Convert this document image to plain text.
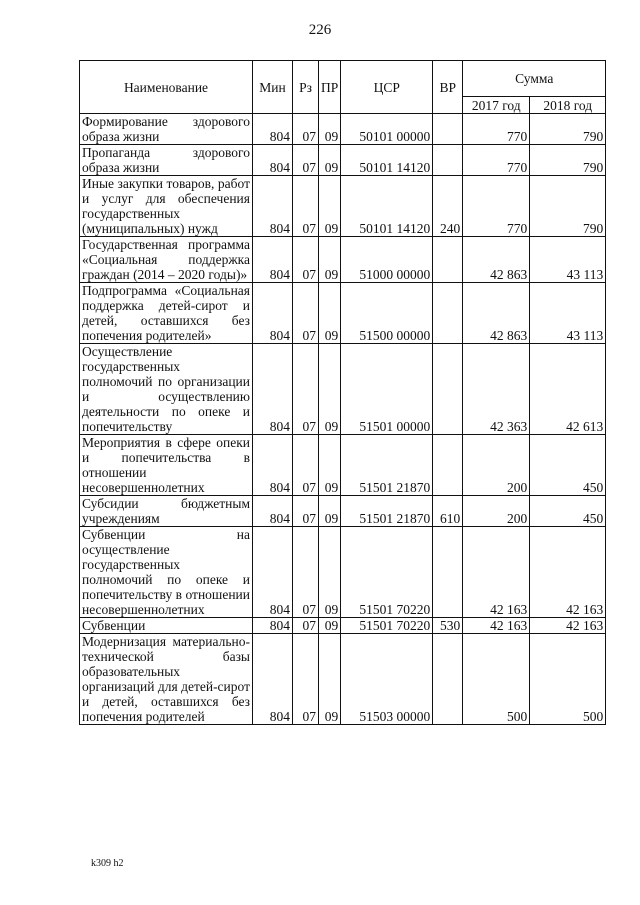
226
Наименование	Мин	Рз	ПР	ЦСР	ВР	Сумма	
						2017 год	2018 год
Формирование здорового образа жизни	804	07	09	50101 00000		770	790
Пропаганда здорового образа жизни	804	07	09	50101 14120		770	790
Иные закупки товаров, работ и услуг для обеспечения государственных (муниципальных) нужд	804	07	09	50101 14120	240	770	790
Государственная программа «Социальная поддержка граждан (2014 – 2020 годы)»	804	07	09	51000 00000		42 863	43 113
Подпрограмма «Социальная поддержка детей-сирот и детей, оставшихся без попечения родителей»	804	07	09	51500 00000		42 863	43 113
Осуществление государственных полномочий по организации и осуществлению деятельности по опеке и попечительству	804	07	09	51501 00000		42 363	42 613
Мероприятия в сфере опеки и попечительства в отношении несовершеннолетних	804	07	09	51501 21870		200	450
Субсидии бюджетным учреждениям	804	07	09	51501 21870	610	200	450
Субвенции на осуществление государственных полномочий по опеке и попечительству в отношении несовершеннолетних	804	07	09	51501 70220		42 163	42 163
Субвенции	804	07	09	51501 70220	530	42 163	42 163
Модернизация материально-технической базы образовательных организаций для детей-сирот и детей, оставшихся без попечения родителей	804	07	09	51503 00000		500	500
k309 h2
